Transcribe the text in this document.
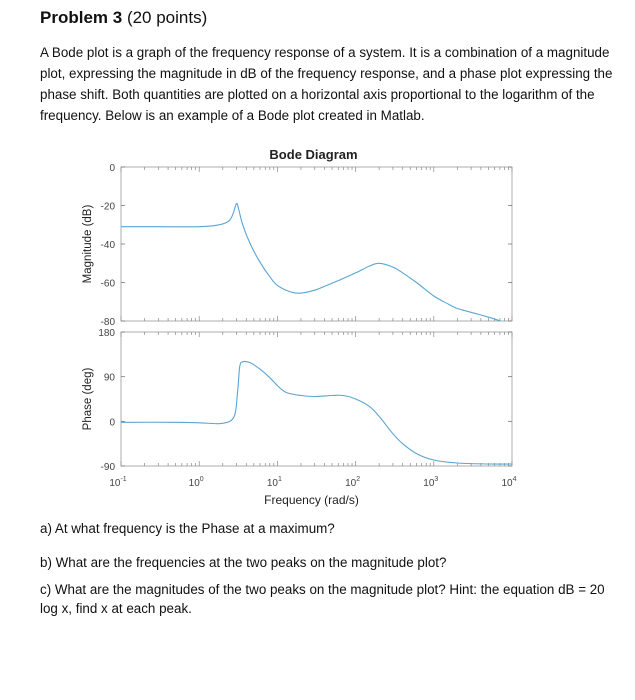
Problem 3 (20 points)

A Bode plot is a graph of the frequency response of a system. It is a combination of a magnitude plot, expressing the magnitude in dB of the frequency response, and a phase plot expressing the phase shift. Both quantities are plotted on a horizontal axis proportional to the logarithm of the frequency. Below is an example of a Bode plot created in Matlab.

Bode Diagram
0
-20
-40
-60
-80
Magnitude (dB)
180
90
0
-90
Phase (deg)
$10^{-1}$	$10^0$	$10^1$	$10^2$	$10^3$	$10^4$
Frequency (rad/s)

a) At what frequency is the Phase at a maximum?

b) What are the frequencies at the two peaks on the magnitude plot?

c) What are the magnitudes of the two peaks on the magnitude plot? Hint: the equation dB = 20 log x, find x at each peak.
